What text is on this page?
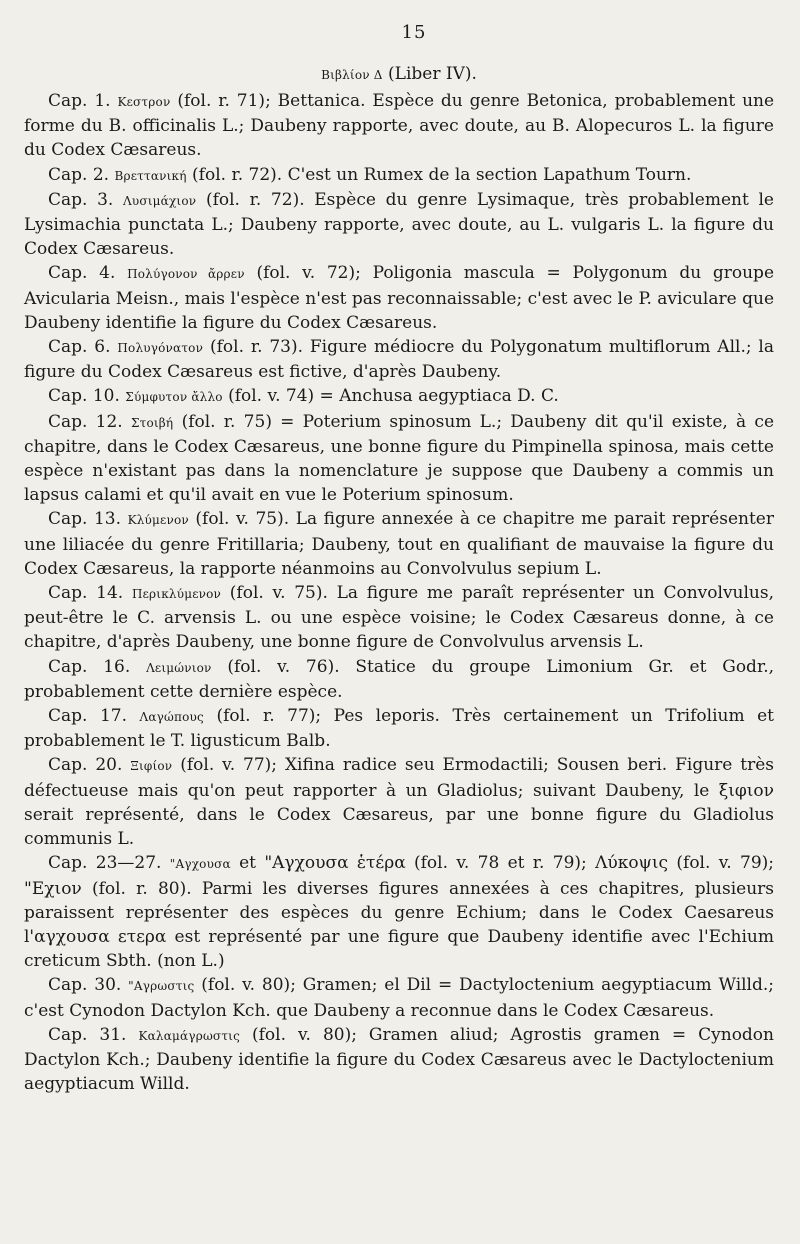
15
Βιβλίον Δ (Liber IV).

Cap. 1. Κεστρον (fol. r. 71); Bettanica. Espèce du genre Betonica, probablement une forme du B. officinalis L.; Daubeny rapporte, avec doute, au B. Alopecuros L. la figure du Codex Cæsareus.

Cap. 2. Βρεττανική (fol. r. 72). C'est un Rumex de la section Lapathum Tourn.

Cap. 3. Λυσιμάχιον (fol. r. 72). Espèce du genre Lysimaque, très probablement le Lysimachia punctata L.; Daubeny rapporte, avec doute, au L. vulgaris L. la figure du Codex Cæsareus.

Cap. 4. Πολύγονον ἄρρεν (fol. v. 72); Poligonia mascula = Polygonum du groupe Avicularia Meisn., mais l'espèce n'est pas reconnaissable; c'est avec le P. aviculare que Daubeny identifie la figure du Codex Cæsareus.

Cap. 6. Πολυγόνατον (fol. r. 73). Figure médiocre du Polygonatum multiflorum All.; la figure du Codex Cæsareus est fictive, d'après Daubeny.

Cap. 10. Σύμφυτον ἄλλο (fol. v. 74) = Anchusa aegyptiaca D. C.

Cap. 12. Στοιβή (fol. r. 75) = Poterium spinosum L.; Daubeny dit qu'il existe, à ce chapitre, dans le Codex Cæsareus, une bonne figure du Pimpinella spinosa, mais cette espèce n'existant pas dans la nomenclature je suppose que Daubeny a commis un lapsus calami et qu'il avait en vue le Poterium spinosum.

Cap. 13. Κλύμενον (fol. v. 75). La figure annexée à ce chapitre me parait représenter une liliacée du genre Fritillaria; Daubeny, tout en qualifiant de mauvaise la figure du Codex Cæsareus, la rapporte néanmoins au Convolvulus sepium L.

Cap. 14. Περικλύμενον (fol. v. 75). La figure me paraît représenter un Convolvulus, peut-être le C. arvensis L. ou une espèce voisine; le Codex Cæsareus donne, à ce chapitre, d'après Daubeny, une bonne figure de Convolvulus arvensis L.

Cap. 16. Λειμώνιον (fol. v. 76). Statice du groupe Limonium Gr. et Godr., probablement cette dernière espèce.

Cap. 17. Λαγώπους (fol. r. 77); Pes leporis. Très certainement un Trifolium et probablement le T. ligusticum Balb.

Cap. 20. Ξιφίον (fol. v. 77); Xifina radice seu Ermodactili; Sousen beri. Figure très défectueuse mais qu'on peut rapporter à un Gladiolus; suivant Daubeny, le ξιφιον serait représenté, dans le Codex Cæsareus, par une bonne figure du Gladiolus communis L.

Cap. 23—27. "Αγχουσα et "Αγχουσα ἑτέρα (fol. v. 78 et r. 79); Λύκοψις (fol. v. 79); "Εχιον (fol. r. 80). Parmi les diverses figures annexées à ces chapitres, plusieurs paraissent représenter des espèces du genre Echium; dans le Codex Caesareus l'αγχουσα ετερα est représenté par une figure que Daubeny identifie avec l'Echium creticum Sbth. (non L.)

Cap. 30. "Αγρωστις (fol. v. 80); Gramen; el Dil = Dactyloctenium aegyptiacum Willd.; c'est Cynodon Dactylon Kch. que Daubeny a reconnue dans le Codex Cæsareus.

Cap. 31. Καλαμάγρωστις (fol. v. 80); Gramen aliud; Agrostis gramen = Cynodon Dactylon Kch.; Daubeny identifie la figure du Codex Cæsareus avec le Dactyloctenium aegyptiacum Willd.
